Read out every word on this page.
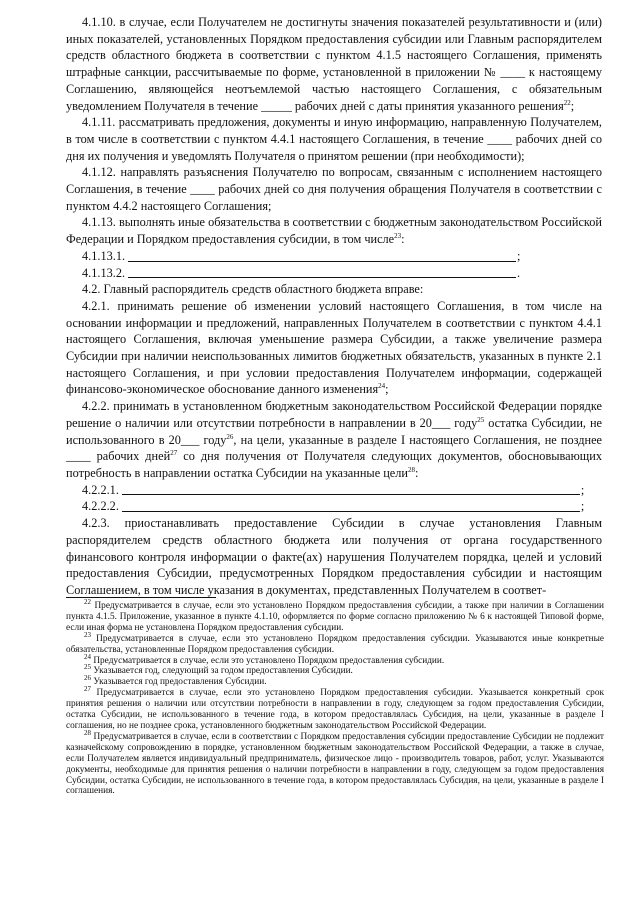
4.1.10. в случае, если Получателем не достигнуты значения показателей результативности и (или) иных показателей, установленных Порядком предоставления субсидии или Главным распорядителем средств областного бюджета в соответствии с пунктом 4.1.5 настоящего Соглашения, применять штрафные санкции, рассчитываемые по форме, установленной в приложении № ____ к настоящему Соглашению, являющейся неотъемлемой частью настоящего Соглашения, с обязательным уведомлением Получателя в течение _____ рабочих дней с даты принятия указанного решения$^{22}$;

4.1.11. рассматривать предложения, документы и иную информацию, направленную Получателем, в том числе в соответствии с пунктом 4.4.1 настоящего Соглашения, в течение ____ рабочих дней со дня их получения и уведомлять Получателя о принятом решении (при необходимости);

4.1.12. направлять разъяснения Получателю по вопросам, связанным с исполнением настоящего Соглашения, в течение ____ рабочих дней со дня получения обращения Получателя в соответствии с пунктом 4.4.2 настоящего Соглашения;

4.1.13. выполнять иные обязательства в соответствии с бюджетным законодательством Российской Федерации и Порядком предоставления субсидии, в том числе$^{23}$:

4.1.13.1.	;
4.1.13.2.	.

4.2. Главный распорядитель средств областного бюджета вправе:

4.2.1. принимать решение об изменении условий настоящего Соглашения, в том числе на основании информации и предложений, направленных Получателем в соответствии с пунктом 4.4.1 настоящего Соглашения, включая уменьшение размера Субсидии, а также увеличение размера Субсидии при наличии неиспользованных лимитов бюджетных обязательств, указанных в пункте 2.1 настоящего Соглашения, и при условии предоставления Получателем информации, содержащей финансово-экономическое обоснование данного изменения$^{24}$;

4.2.2. принимать в установленном бюджетным законодательством Российской Федерации порядке решение о наличии или отсутствии потребности в направлении в 20___ году$^{25}$ остатка Субсидии, не использованного в 20___ году$^{26}$, на цели, указанные в разделе I настоящего Соглашения, не позднее ____ рабочих дней$^{27}$ со дня получения от Получателя следующих документов, обосновывающих потребность в направлении остатка Субсидии на указанные цели$^{28}$:

4.2.2.1.	;
4.2.2.2.	;

4.2.3. приостанавливать предоставление Субсидии в случае установления Главным распорядителем средств областного бюджета или получения от органа государственного финансового контроля информации о факте(ах) нарушения Получателем порядка, целей и условий предоставления Субсидии, предусмотренных Порядком предоставления субсидии и настоящим Соглашением, в том числе указания в документах, представленных Получателем в соответ-

$^{22}$ Предусматривается в случае, если это установлено Порядком предоставления субсидии, а также при наличии в Соглашении пункта 4.1.5. Приложение, указанное в пункте 4.1.10, оформляется по форме согласно приложению № 6 к настоящей Типовой форме, если иная форма не установлена Порядком предоставления субсидии.

$^{23}$ Предусматривается в случае, если это установлено Порядком предоставления субсидии. Указываются иные конкретные обязательства, установленные Порядком предоставления субсидии.

$^{24}$ Предусматривается в случае, если это установлено Порядком предоставления субсидии.

$^{25}$ Указывается год, следующий за годом предоставления Субсидии.

$^{26}$ Указывается год предоставления Субсидии.

$^{27}$ Предусматривается в случае, если это установлено Порядком предоставления субсидии. Указывается конкретный срок принятия решения о наличии или отсутствии потребности в направлении в году, следующем за годом предоставления Субсидии, остатка Субсидии, не использованного в течение года, в котором предоставлялась Субсидия, на цели, указанные в разделе I соглашения, но не позднее срока, установленного бюджетным законодательством Российской Федерации.

$^{28}$ Предусматривается в случае, если в соответствии с Порядком предоставления субсидии предоставление Субсидии не подлежит казначейскому сопровождению в порядке, установленном бюджетным законодательством Российской Федерации, а также в случае, если Получателем является индивидуальный предприниматель, физическое лицо - производитель товаров, работ, услуг. Указываются документы, необходимые для принятия решения о наличии потребности в направлении в году, следующем за годом предоставления Субсидии, остатка Субсидии, не использованного в течение года, в котором предоставлялась Субсидия, на цели, указанные в разделе I соглашения.
